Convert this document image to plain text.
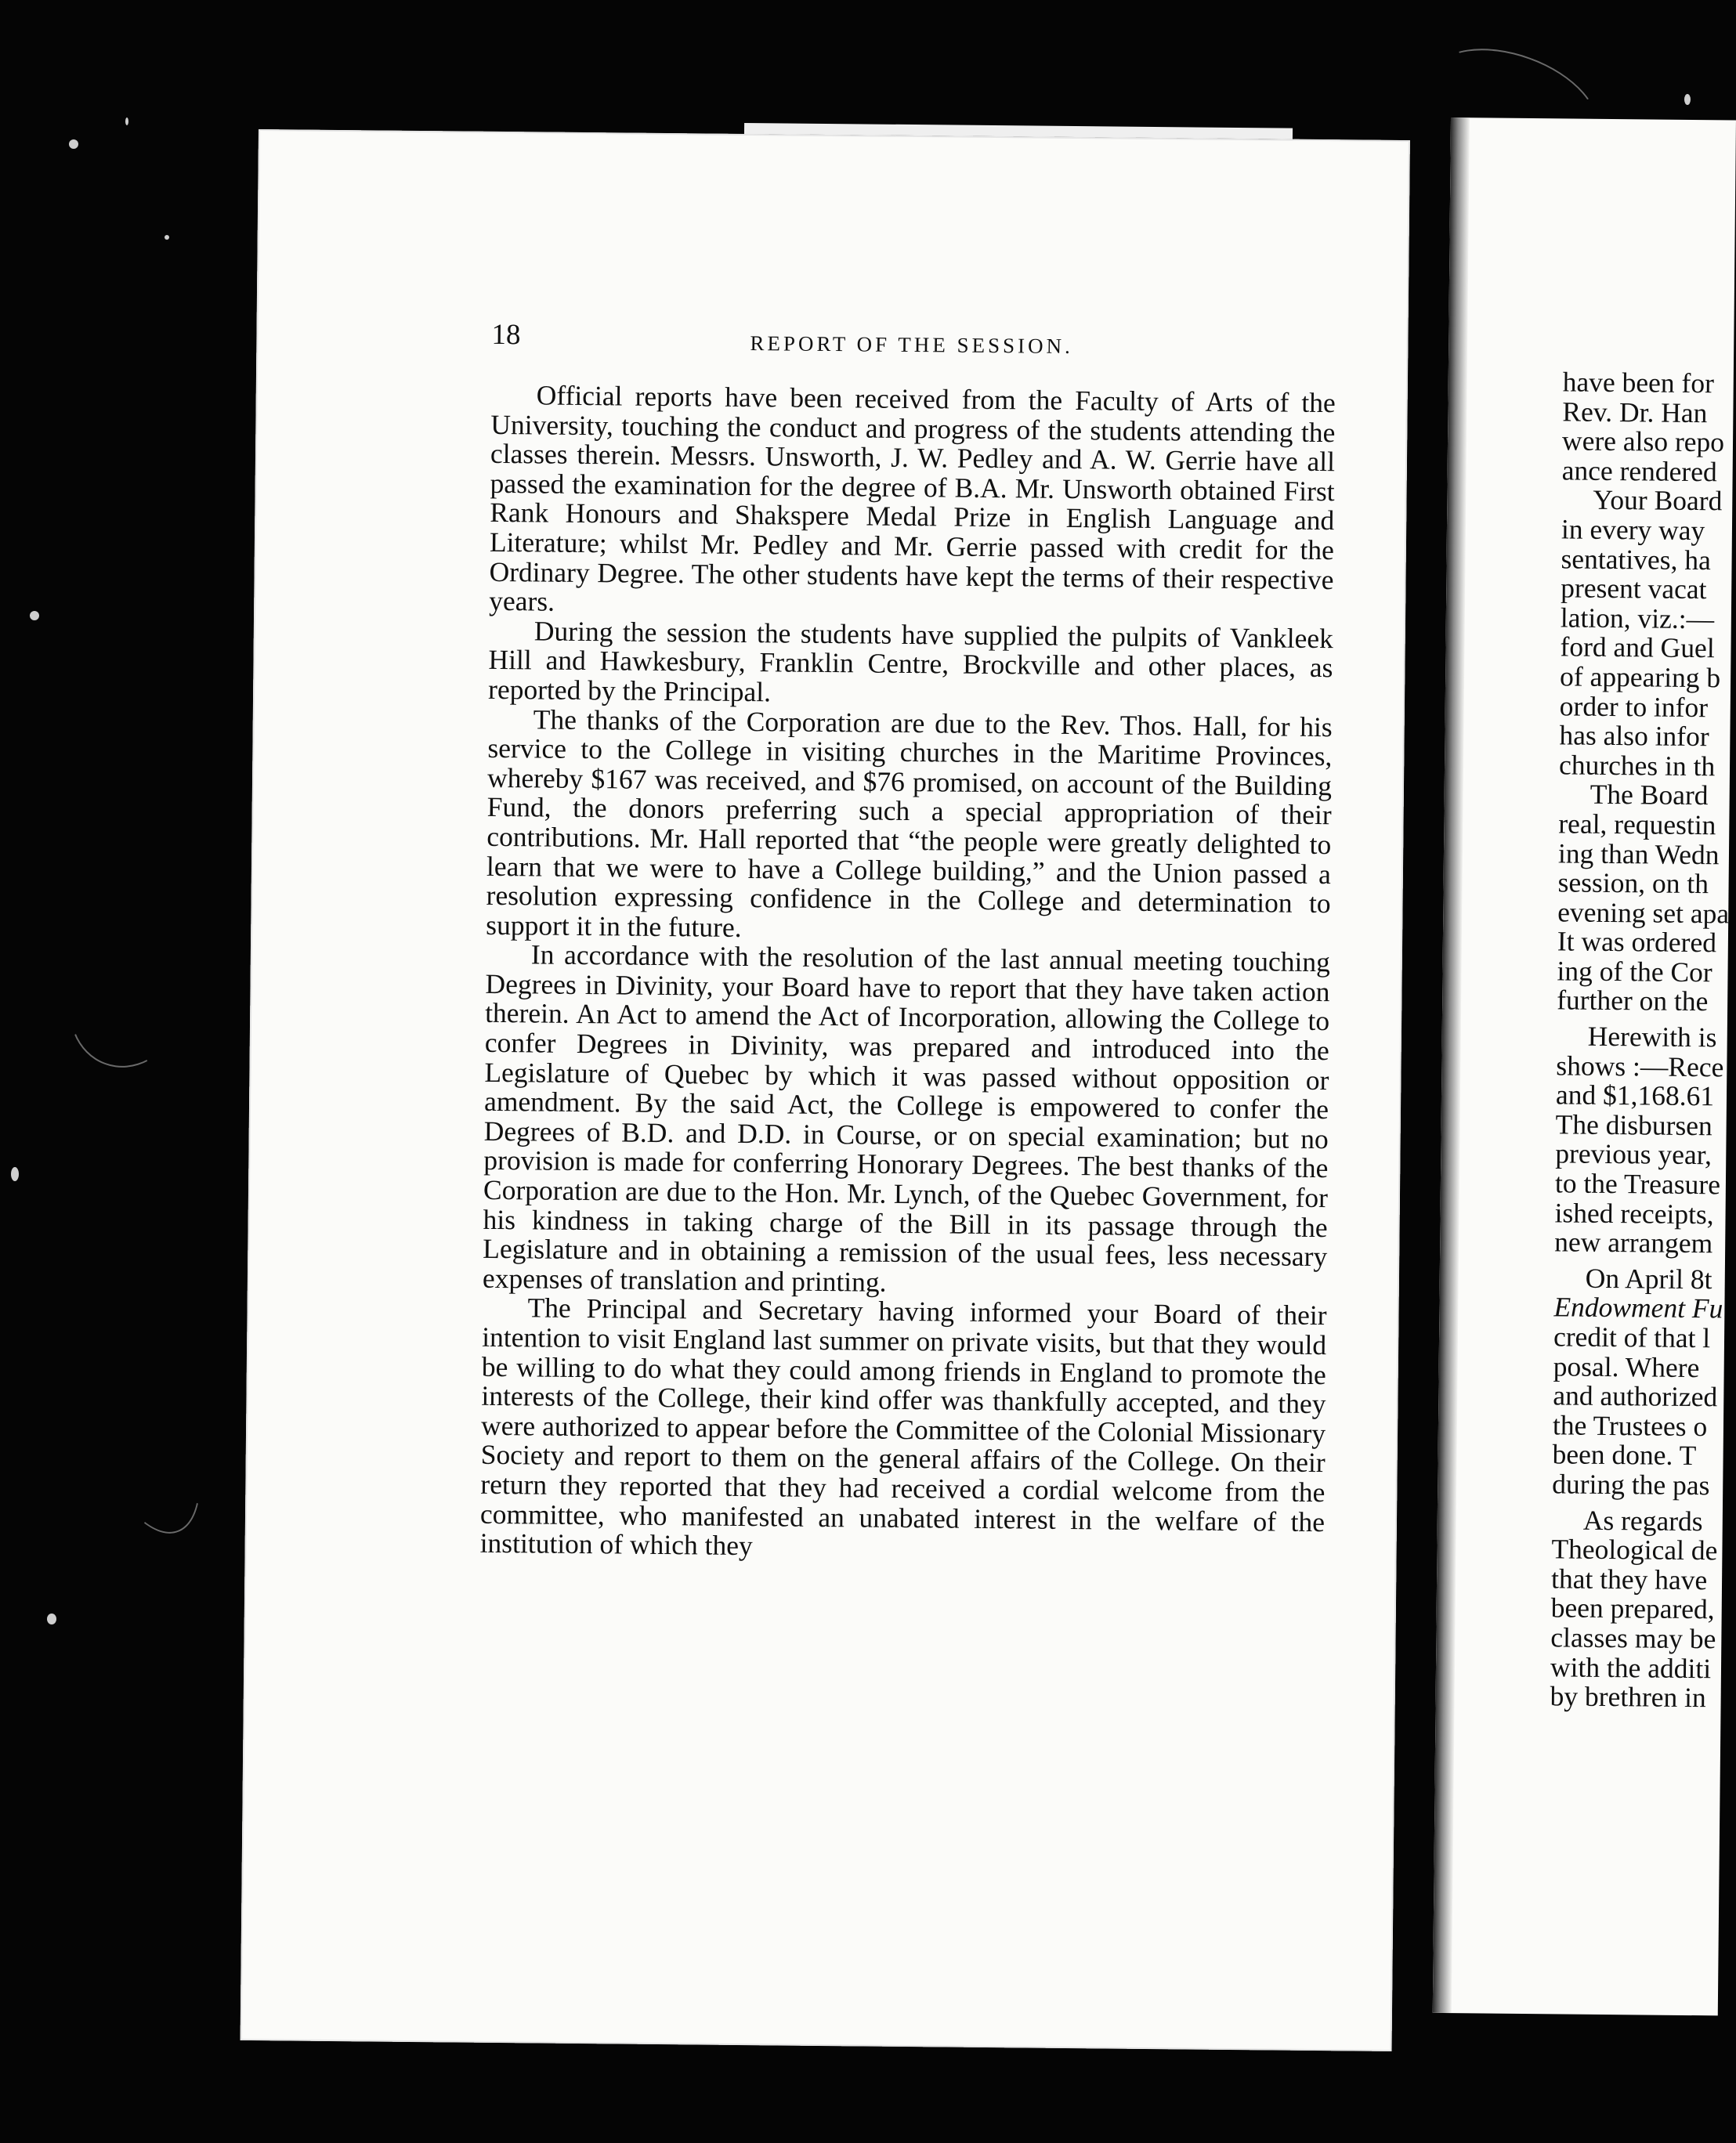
18	REPORT OF THE SESSION.

Official reports have been received from the Faculty of Arts of the University, touching the conduct and progress of the students attending the classes therein. Messrs. Unsworth, J. W. Pedley and A. W. Gerrie have all passed the examination for the degree of B.A. Mr. Unsworth obtained First Rank Honours and Shakspere Medal Prize in English Language and Literature; whilst Mr. Pedley and Mr. Gerrie passed with credit for the Ordinary Degree. The other students have kept the terms of their respective years.

During the session the students have supplied the pulpits of Vankleek Hill and Hawkesbury, Franklin Centre, Brockville and other places, as reported by the Principal.

The thanks of the Corporation are due to the Rev. Thos. Hall, for his service to the College in visiting churches in the Maritime Provinces, whereby $167 was received, and $76 promised, on account of the Building Fund, the donors preferring such a special appropriation of their contributions. Mr. Hall reported that “the people were greatly delighted to learn that we were to have a College building,” and the Union passed a resolution expressing confidence in the College and determination to support it in the future.

In accordance with the resolution of the last annual meeting touching Degrees in Divinity, your Board have to report that they have taken action therein. An Act to amend the Act of Incorporation, allowing the College to confer Degrees in Divinity, was prepared and introduced into the Legislature of Quebec by which it was passed without opposition or amendment. By the said Act, the College is empowered to confer the Degrees of B.D. and D.D. in Course, or on special examination; but no provision is made for conferring Honorary Degrees. The best thanks of the Corporation are due to the Hon. Mr. Lynch, of the Quebec Government, for his kindness in taking charge of the Bill in its passage through the Legislature and in obtaining a remission of the usual fees, less necessary expenses of translation and printing.

The Principal and Secretary having informed your Board of their intention to visit England last summer on private visits, but that they would be willing to do what they could among friends in England to promote the interests of the College, their kind offer was thankfully accepted, and they were authorized to appear before the Committee of the Colonial Missionary Society and report to them on the general affairs of the College. On their return they reported that they had received a cordial welcome from the committee, who manifested an unabated interest in the welfare of the institution of which they

have been for
Rev. Dr. Han
were also repo
ance rendered
Your Board
in every way
sentatives, ha
present vacat
lation, viz.:—
ford and Guel
of appearing b
order to infor
has also infor
churches in th
The Board
real, requestin
ing than Wedn
session, on th
evening set apa
It was ordered
ing of the Cor
further on the
Herewith is
shows :—Rece
and $1,168.61
The disbursen
previous year,
to the Treasure
ished receipts,
new arrangem
On April 8t
Endowment Fu
credit of that l
posal. Where
and authorized
the Trustees o
been done. T
during the pas
As regards
Theological de
that they have
been prepared,
classes may be
with the additi
by brethren in
